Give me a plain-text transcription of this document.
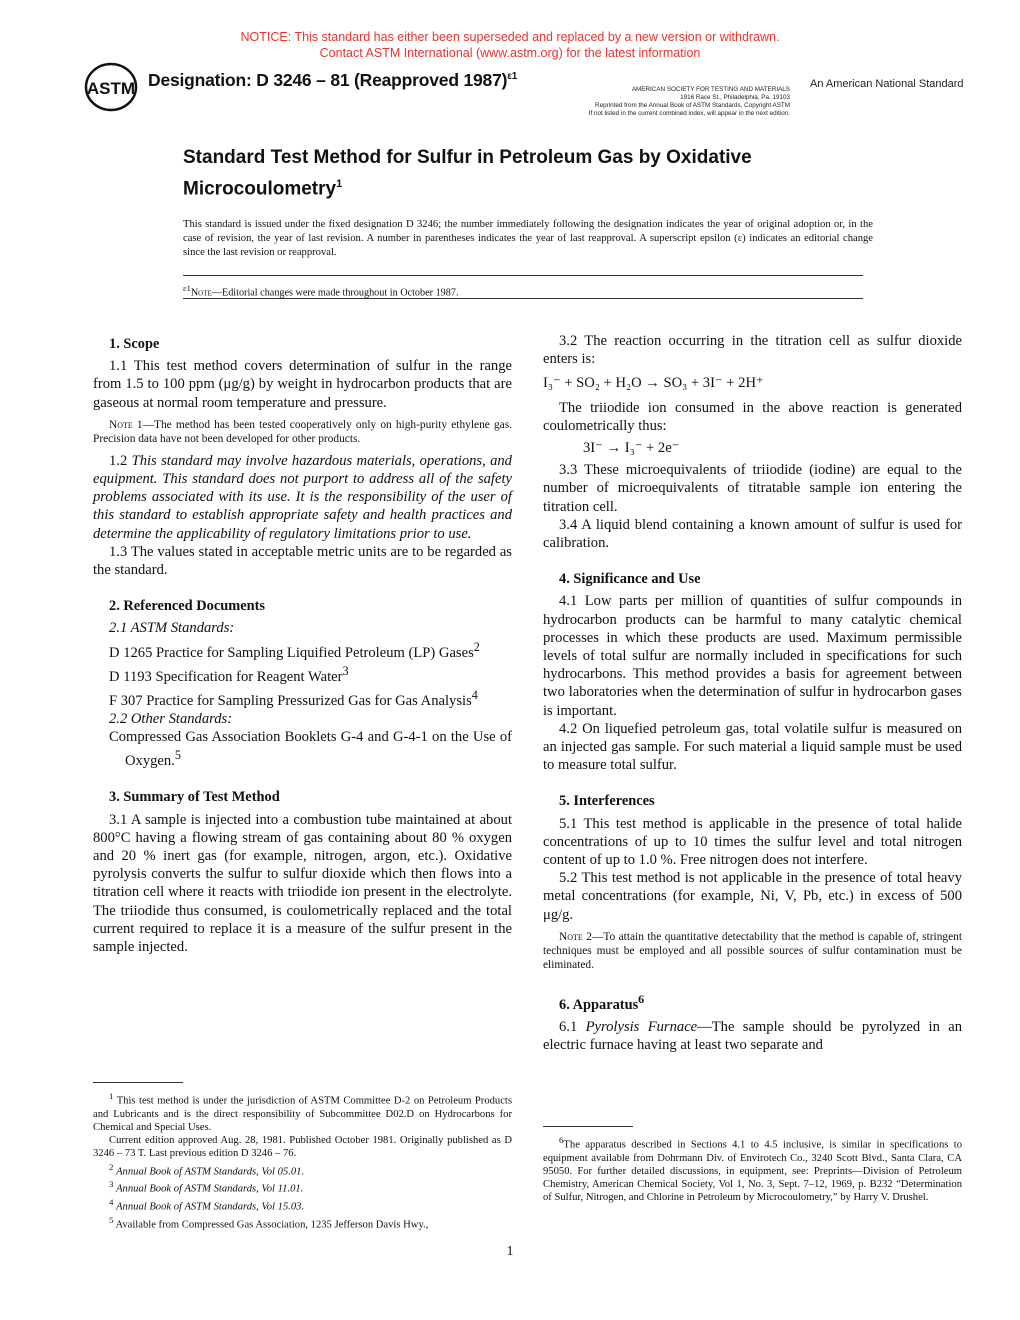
NOTICE: This standard has either been superseded and replaced by a new version or withdrawn.
Contact ASTM International (www.astm.org) for the latest information
ASTM Designation: D 3246 – 81 (Reapproved 1987)$^{\varepsilon 1}$
AMERICAN SOCIETY FOR TESTING AND MATERIALS
1916 Race St., Philadelphia, Pa. 19103
Reprinted from the Annual Book of ASTM Standards, Copyright ASTM
If not listed in the current combined index, will appear in the next edition.
An American National Standard
Standard Test Method for Sulfur in Petroleum Gas by Oxidative Microcoulometry$^1$
This standard is issued under the fixed designation D 3246; the number immediately following the designation indicates the year of original adoption or, in the case of revision, the year of last revision. A number in parentheses indicates the year of last reapproval. A superscript epsilon (ε) indicates an editorial change since the last revision or reapproval.
$^{\varepsilon 1}$Note—Editorial changes were made throughout in October 1987.
1. Scope

1.1 This test method covers determination of sulfur in the range from 1.5 to 100 ppm (μg/g) by weight in hydrocarbon products that are gaseous at normal room temperature and pressure.

Note 1—The method has been tested cooperatively only on high-purity ethylene gas. Precision data have not been developed for other products.

1.2 This standard may involve hazardous materials, operations, and equipment. This standard does not purport to address all of the safety problems associated with its use. It is the responsibility of the user of this standard to establish appropriate safety and health practices and determine the applicability of regulatory limitations prior to use.

1.3 The values stated in acceptable metric units are to be regarded as the standard.

2. Referenced Documents

2.1 ASTM Standards:

D 1265 Practice for Sampling Liquified Petroleum (LP) Gases$^2$

D 1193 Specification for Reagent Water$^3$

F 307 Practice for Sampling Pressurized Gas for Gas Analysis$^4$

2.2 Other Standards:

Compressed Gas Association Booklets G-4 and G-4-1 on the Use of Oxygen.$^5$

3. Summary of Test Method

3.1 A sample is injected into a combustion tube maintained at about 800°C having a flowing stream of gas containing about 80 % oxygen and 20 % inert gas (for example, nitrogen, argon, etc.). Oxidative pyrolysis converts the sulfur to sulfur dioxide which then flows into a titration cell where it reacts with triiodide ion present in the electrolyte. The triiodide thus consumed, is coulometrically replaced and the total current required to replace it is a measure of the sulfur present in the sample injected.

$^1$ This test method is under the jurisdiction of ASTM Committee D-2 on Petroleum Products and Lubricants and is the direct responsibility of Subcommittee D02.D on Hydrocarbons for Chemical and Special Uses.

Current edition approved Aug. 28, 1981. Published October 1981. Originally published as D 3246 – 73 T. Last previous edition D 3246 – 76.

$^2$ Annual Book of ASTM Standards, Vol 05.01.

$^3$ Annual Book of ASTM Standards, Vol 11.01.

$^4$ Annual Book of ASTM Standards, Vol 15.03.

$^5$ Available from Compressed Gas Association, 1235 Jefferson Davis Hwy.,

3.2 The reaction occurring in the titration cell as sulfur dioxide enters is:

I₃⁻ + SO₂ + H₂O → SO₃ + 3I⁻ + 2H⁺

The triiodide ion consumed in the above reaction is generated coulometrically thus:

3I⁻ → I₃⁻ + 2e⁻

3.3 These microequivalents of triiodide (iodine) are equal to the number of microequivalents of titratable sample ion entering the titration cell.

3.4 A liquid blend containing a known amount of sulfur is used for calibration.

4. Significance and Use

4.1 Low parts per million of quantities of sulfur compounds in hydrocarbon products can be harmful to many catalytic chemical processes in which these products are used. Maximum permissible levels of total sulfur are normally included in specifications for such hydrocarbons. This method provides a basis for agreement between two laboratories when the determination of sulfur in hydrocarbon gases is important.

4.2 On liquefied petroleum gas, total volatile sulfur is measured on an injected gas sample. For such material a liquid sample must be used to measure total sulfur.

5. Interferences

5.1 This test method is applicable in the presence of total halide concentrations of up to 10 times the sulfur level and total nitrogen content of up to 1.0 %. Free nitrogen does not interfere.

5.2 This test method is not applicable in the presence of total heavy metal concentrations (for example, Ni, V, Pb, etc.) in excess of 500 μg/g.

Note 2—To attain the quantitative detectability that the method is capable of, stringent techniques must be employed and all possible sources of sulfur contamination must be eliminated.

6. Apparatus$^6$

6.1 Pyrolysis Furnace—The sample should be pyrolyzed in an electric furnace having at least two separate and

$^6$The apparatus described in Sections 4.1 to 4.5 inclusive, is similar in specifications to equipment available from Dohrmann Div. of Envirotech Co., 3240 Scott Blvd., Santa Clara, CA 95050. For further detailed discussions, in equipment, see: Preprints—Division of Petroleum Chemistry, American Chemical Society, Vol 1, No. 3, Sept. 7–12, 1969, p. B232 “Determination of Sulfur, Nitrogen, and Chlorine in Petroleum by Microcoulometry,” by Harry V. Drushel.

1
